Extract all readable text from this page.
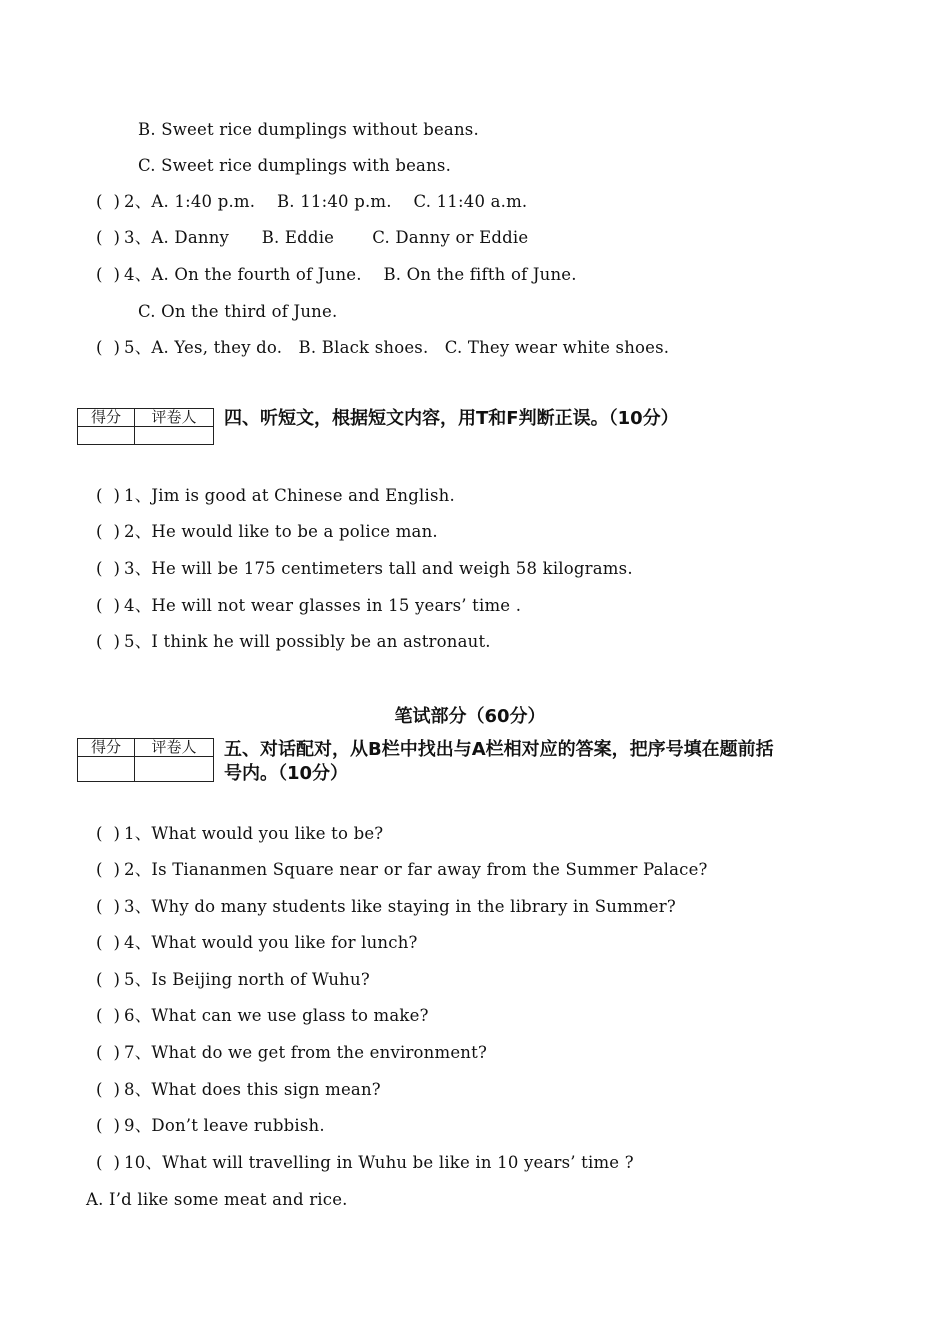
B. Sweet rice dumplings without beans.
C. Sweet rice dumplings with beans.
(  ) 2、A. 1:40 p.m.    B. 11:40 p.m.    C. 11:40 a.m.
(  ) 3、A. Danny      B. Eddie       C. Danny or Eddie
(  ) 4、A. On the fourth of June.    B. On the fifth of June.
C. On the third of June.
(  ) 5、A. Yes, they do.   B. Black shoes.   C. They wear white shoes.
得分	评卷人
	四、听短文，根据短文内容，用T和F判断正误。（10分）
(  ) 1、Jim is good at Chinese and English.
(  ) 2、He would like to be a police man.
(  ) 3、He will be 175 centimeters tall and weigh 58 kilograms.
(  ) 4、He will not wear glasses in 15 years’ time .
(  ) 5、I think he will possibly be an astronaut.
笔试部分（60分）
得分	评卷人
	五、对话配对，从B栏中找出与A栏相对应的答案，把序号填在题前括
号内。（10分）
(  ) 1、What would you like to be?
(  ) 2、Is Tiananmen Square near or far away from the Summer Palace?
(  ) 3、Why do many students like staying in the library in Summer?
(  ) 4、What would you like for lunch?
(  ) 5、Is Beijing north of Wuhu?
(  ) 6、What can we use glass to make?
(  ) 7、What do we get from the environment?
(  ) 8、What does this sign mean?
(  ) 9、Don’t leave rubbish.
(  ) 10、What will travelling in Wuhu be like in 10 years’ time ?
A. I’d like some meat and rice.
